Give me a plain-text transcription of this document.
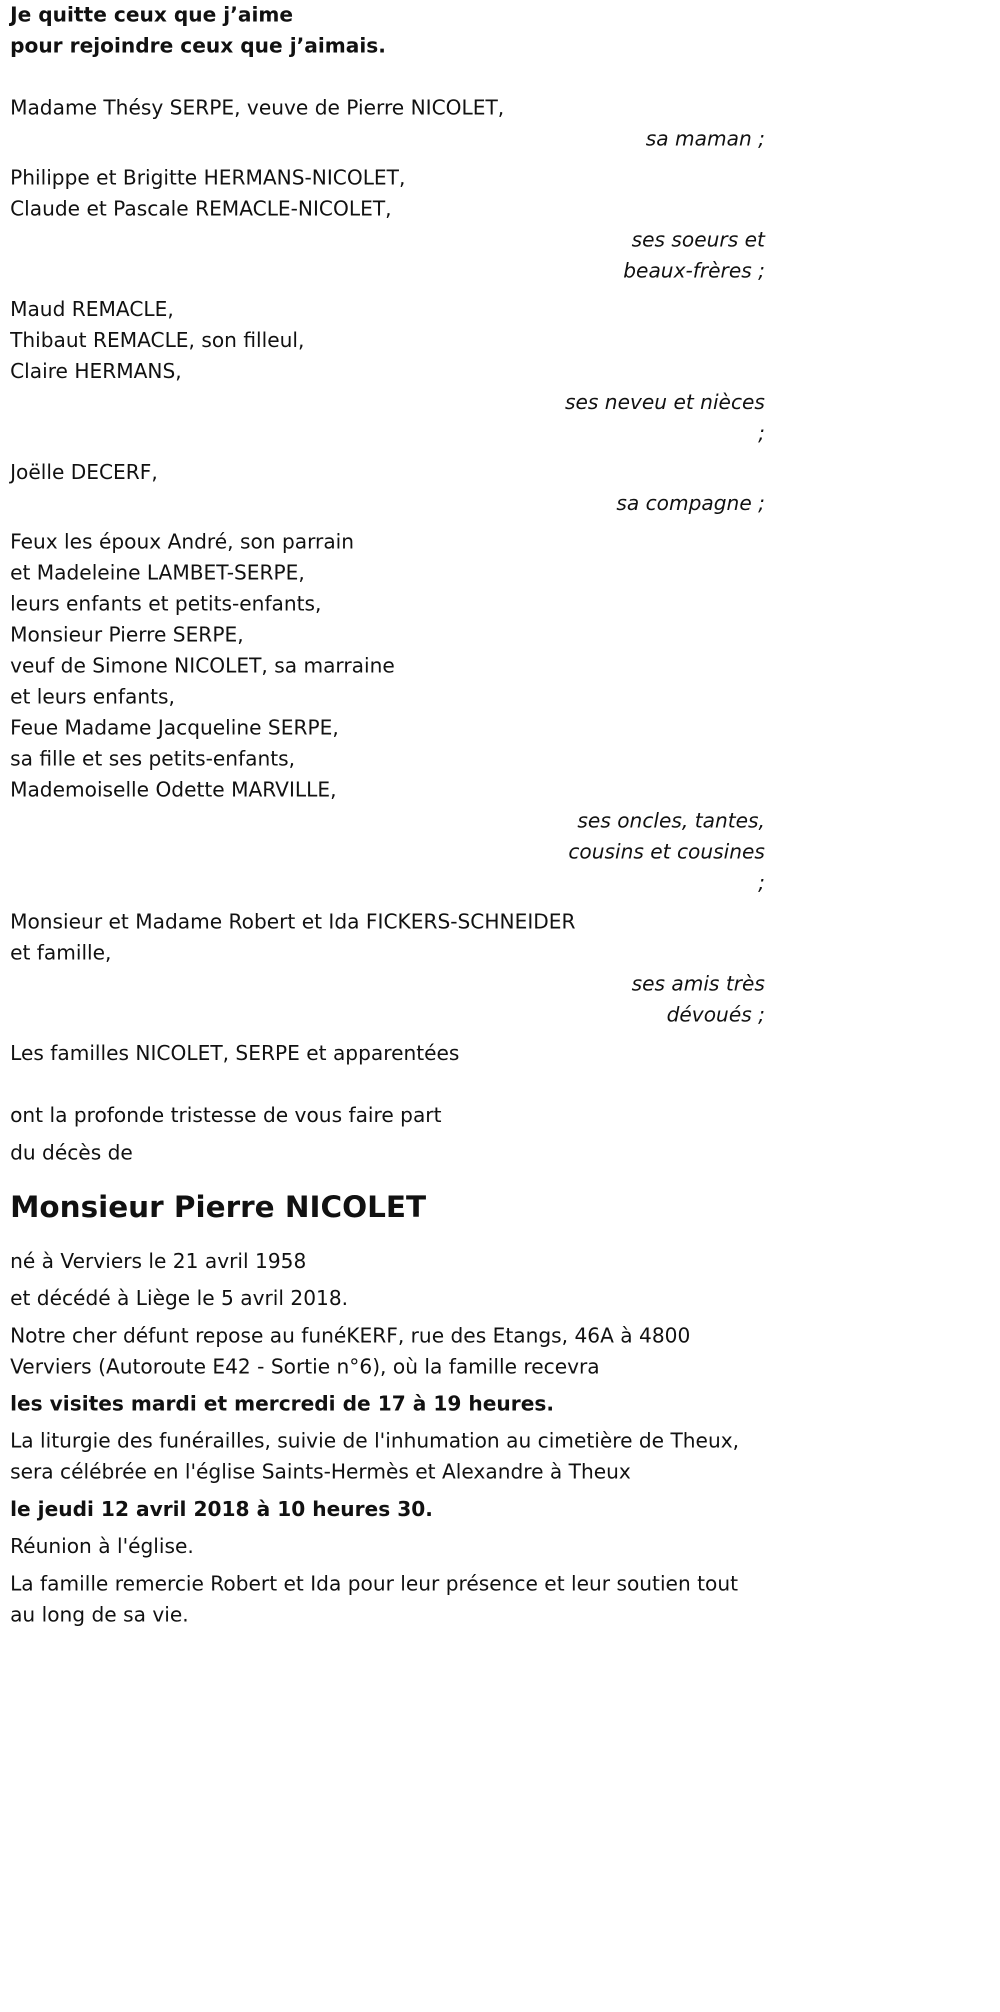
Je quitte ceux que j’aime
pour rejoindre ceux que j’aimais.
Madame Thésy SERPE, veuve de Pierre NICOLET,
sa maman ;
Philippe et Brigitte HERMANS-NICOLET,
Claude et Pascale REMACLE-NICOLET,
ses soeurs et
beaux-frères ;
Maud REMACLE,
Thibaut REMACLE, son filleul,
Claire HERMANS,
ses neveu et nièces
;
Joëlle DECERF,
sa compagne ;
Feux les époux André, son parrain
et Madeleine LAMBET-SERPE,
leurs enfants et petits-enfants,
Monsieur Pierre SERPE,
veuf de Simone NICOLET, sa marraine
et leurs enfants,
Feue Madame Jacqueline SERPE,
sa fille et ses petits-enfants,
Mademoiselle Odette MARVILLE,
ses oncles, tantes,
cousins et cousines
;
Monsieur et Madame Robert et Ida FICKERS-SCHNEIDER
et famille,
ses amis très
dévoués ;
Les familles NICOLET, SERPE et apparentées
ont la profonde tristesse de vous faire part
du décès de
Monsieur Pierre NICOLET
né à Verviers le 21 avril 1958
et décédé à Liège le 5 avril 2018.
Notre cher défunt repose au funéKERF, rue des Etangs, 46A à 4800 Verviers (Autoroute E42 - Sortie n°6), où la famille recevra
les visites mardi et mercredi de 17 à 19 heures.
La liturgie des funérailles, suivie de l'inhumation au cimetière de Theux, sera célébrée en l'église Saints-Hermès et Alexandre à Theux
le jeudi 12 avril 2018 à 10 heures 30.
Réunion à l'église.
La famille remercie Robert et Ida pour leur présence et leur soutien tout au long de sa vie.
